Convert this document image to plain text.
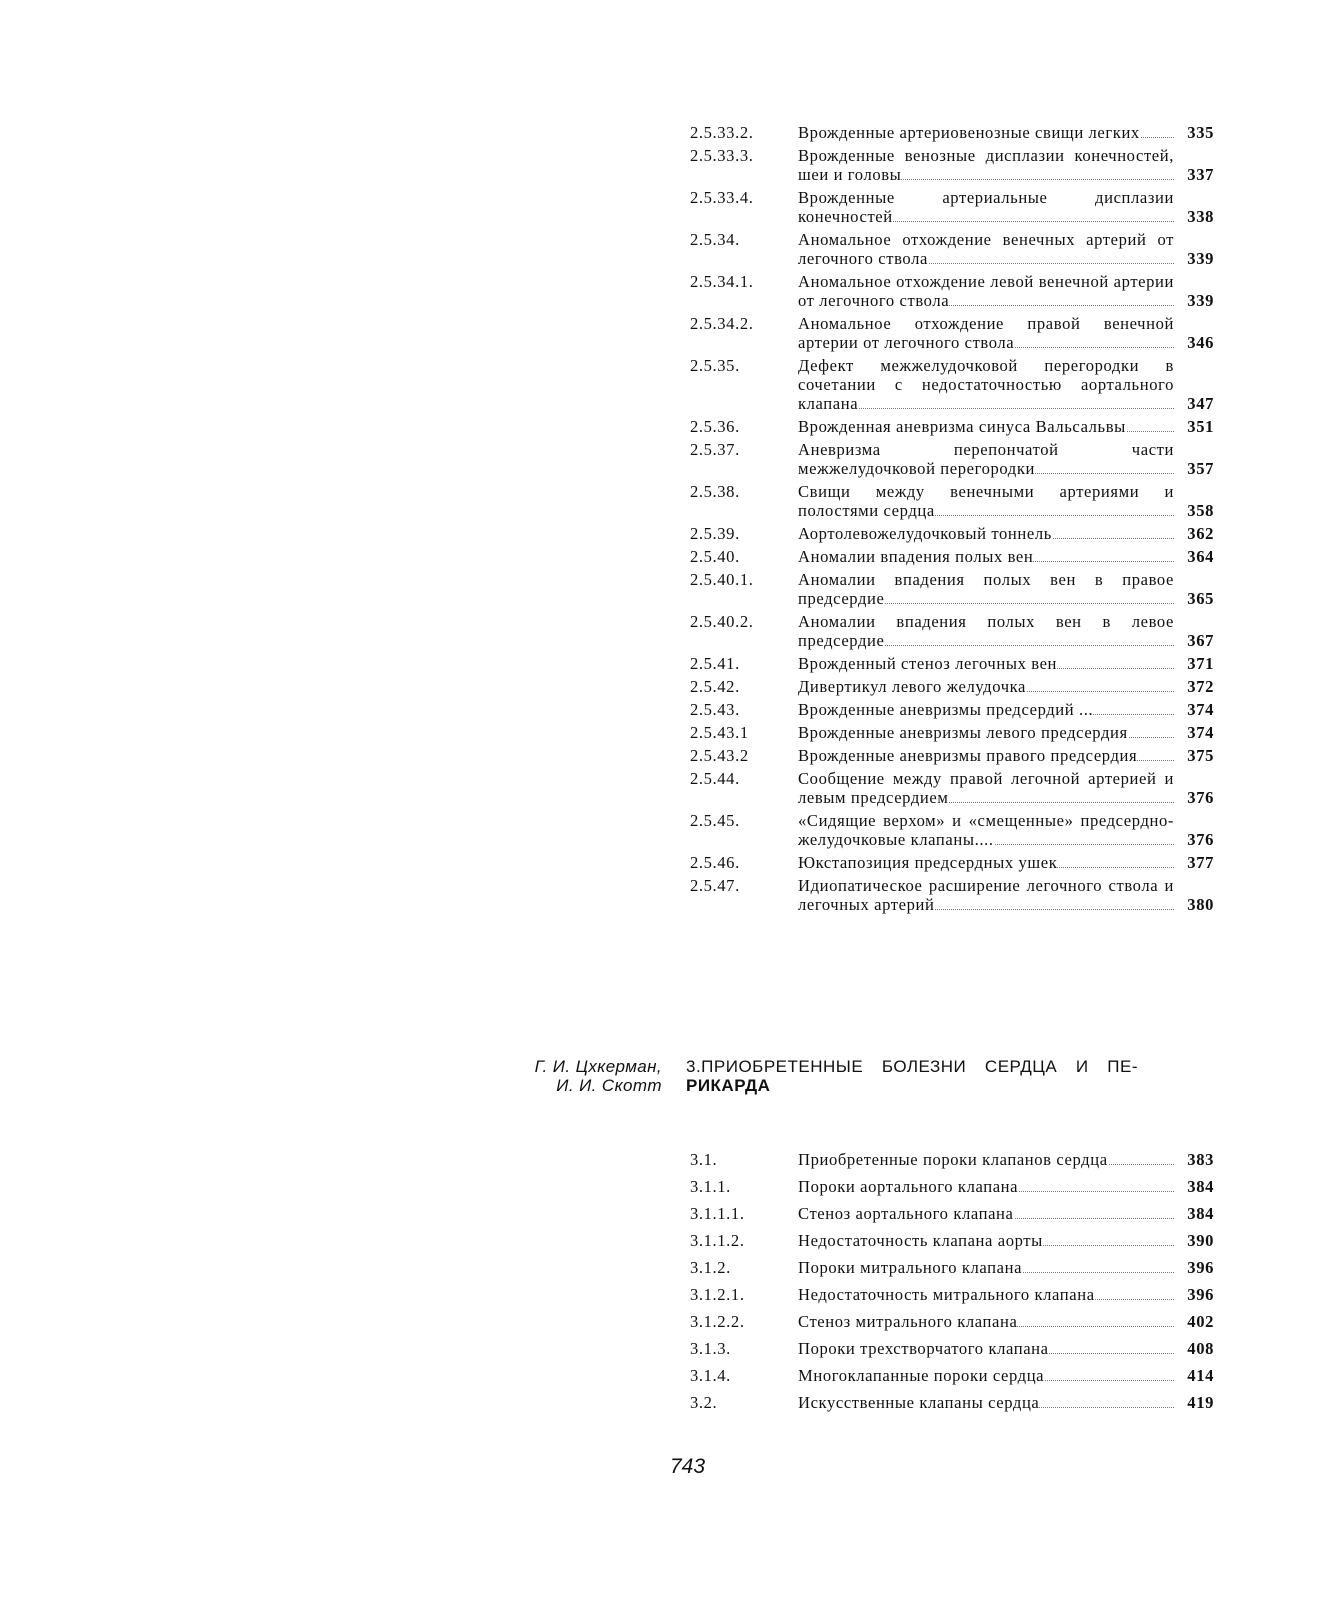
2.5.33.2.	Врожденные артериовенозные свищи легких	335
2.5.33.3.	Врожденные венозные дисплазии конечностей, шеи и головы	337
2.5.33.4.	Врожденные артериальные дисплазии конечностей	338
2.5.34.	Аномальное отхождение венечных артерий от легочного ствола	339
2.5.34.1.	Аномальное отхождение левой венечной артерии от легочного ствола	339
2.5.34.2.	Аномальное отхождение правой венечной артерии от легочного ствола	346
2.5.35.	Дефект межжелудочковой перегородки в сочетании с недостаточностью аортального клапана	347
2.5.36.	Врожденная аневризма синуса Вальсальвы	351
2.5.37.	Аневризма перепончатой части межжелудочковой перегородки	357
2.5.38.	Свищи между венечными артериями и полостями сердца	358
2.5.39.	Аортолевожелудочковый тоннель	362
2.5.40.	Аномалии впадения полых вен	364
2.5.40.1.	Аномалии впадения полых вен в правое предсердие	365
2.5.40.2.	Аномалии впадения полых вен в левое предсердие	367
2.5.41.	Врожденный стеноз легочных вен	371
2.5.42.	Дивертикул левого желудочка	372
2.5.43.	Врожденные аневризмы предсердий ...	374
2.5.43.1	Врожденные аневризмы левого предсердия	374
2.5.43.2	Врожденные аневризмы правого предсердия	375
2.5.44.	Сообщение между правой легочной артерией и левым предсердием	376
2.5.45.	«Сидящие верхом» и «смещенные» предсердно-желудочковые клапаны....	376
2.5.46.	Юкстапозиция предсердных ушек	377
2.5.47.	Идиопатическое расширение легочного ствола и легочных артерий	380
Г. И. Цхкерман,
И. И. Скотт
3.ПРИОБРЕТЕННЫЕ БОЛЕЗНИ СЕРДЦА И ПЕ-
РИКАРДА
3.1.	Приобретенные пороки клапанов сердца	383
3.1.1.	Пороки аортального клапана	384
3.1.1.1.	Стеноз аортального клапана	384
3.1.1.2.	Недостаточность клапана аорты	390
3.1.2.	Пороки митрального клапана	396
3.1.2.1.	Недостаточность митрального клапана	396
3.1.2.2.	Стеноз митрального клапана	402
3.1.3.	Пороки трехстворчатого клапана	408
3.1.4.	Многоклапанные пороки сердца	414
3.2.	Искусственные клапаны сердца	419
743
